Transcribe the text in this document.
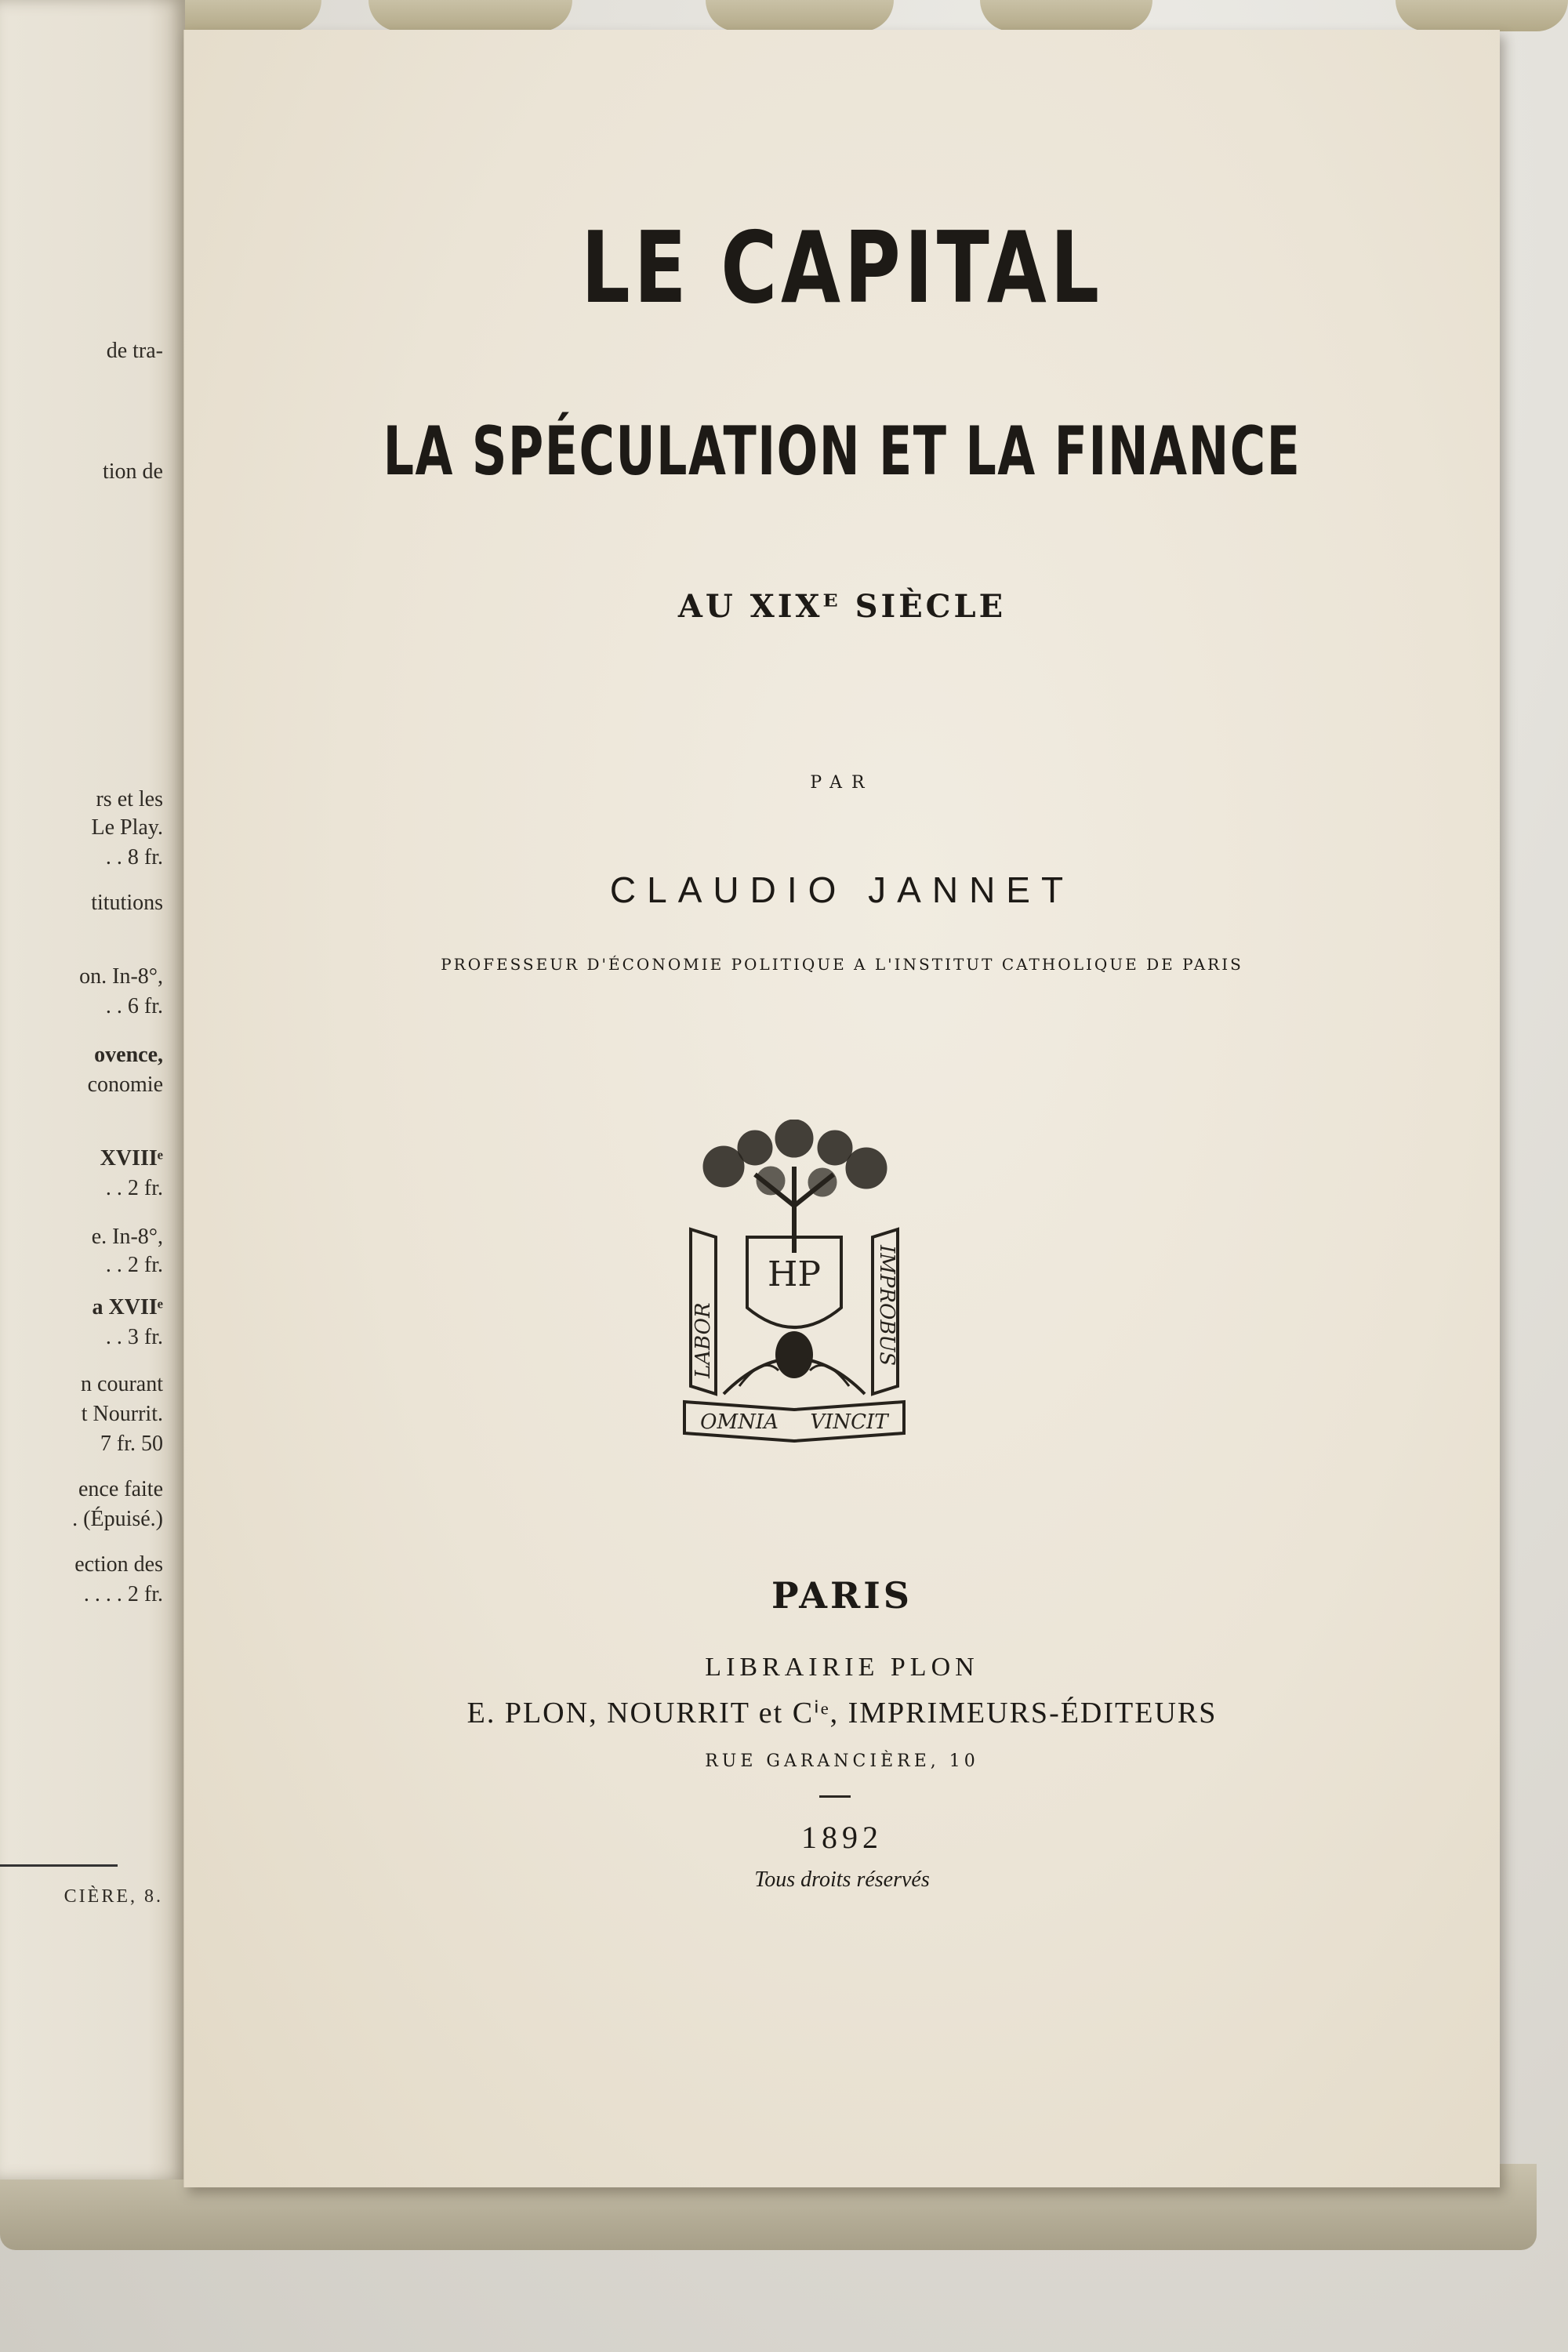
de tra-
tion de
rs et les
Le Play.
. . 8 fr.
titutions
on. In-8°,
. . 6 fr.
ovence,
conomie
XVIIIᵉ
. . 2 fr.
e. In-8°,
. . 2 fr.
a XVIIᵉ
. . 3 fr.
n courant
t Nourrit.
7 fr. 50
ence faite
. (Épuisé.)
ection des
. . . . 2 fr.
CIÈRE, 8.
LE CAPITAL
LA SPÉCULATION ET LA FINANCE
AU XIXᴱ SIÈCLE
PAR
CLAUDIO JANNET
PROFESSEUR D'ÉCONOMIE POLITIQUE A L'INSTITUT CATHOLIQUE DE PARIS
HP
LABOR	IMPROBUS
OMNIA VINCIT
PARIS
LIBRAIRIE PLON
E. PLON, NOURRIT et Cⁱᵉ, IMPRIMEURS-ÉDITEURS
RUE GARANCIÈRE, 10
1892
Tous droits réservés
